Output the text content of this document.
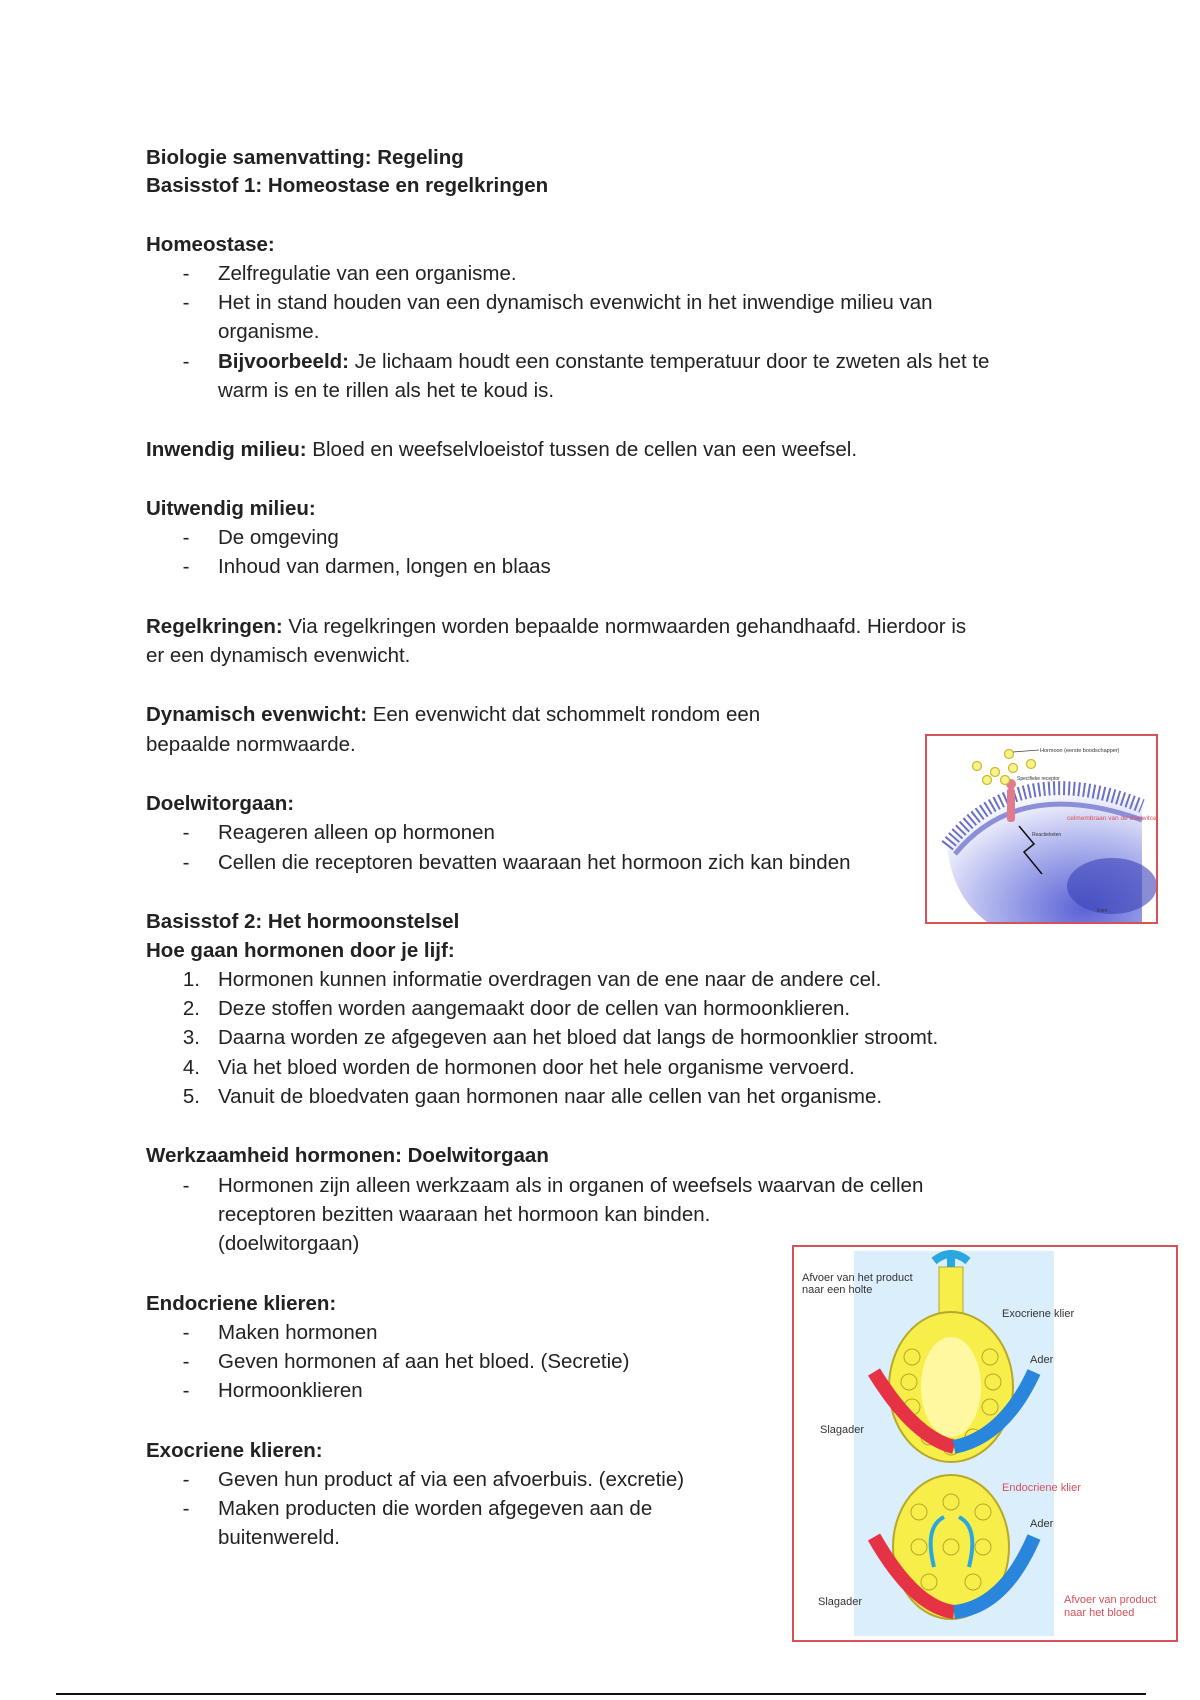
Biologie samenvatting: Regeling
Basisstof 1: Homeostase en regelkringen
Homeostase:
-	Zelfregulatie van een organisme.
-	Het in stand houden van een dynamisch evenwicht in het inwendige milieu van
organisme.
-	Bijvoorbeeld: Je lichaam houdt een constante temperatuur door te zweten als het te
warm is en te rillen als het te koud is.
Inwendig milieu: Bloed en weefselvloeistof tussen de cellen van een weefsel.
Uitwendig milieu:
-	De omgeving
-	Inhoud van darmen, longen en blaas
Regelkringen: Via regelkringen worden bepaalde normwaarden gehandhaafd. Hierdoor is
er een dynamisch evenwicht.
Dynamisch evenwicht: Een evenwicht dat schommelt rondom een
bepaalde normwaarde.
Doelwitorgaan:
-	Reageren alleen op hormonen
-	Cellen die receptoren bevatten waaraan het hormoon zich kan binden
Basisstof 2: Het hormoonstelsel
Hoe gaan hormonen door je lijf:
1. Hormonen kunnen informatie overdragen van de ene naar de andere cel.
2. Deze stoffen worden aangemaakt door de cellen van hormoonklieren.
3. Daarna worden ze afgegeven aan het bloed dat langs de hormoonklier stroomt.
4. Via het bloed worden de hormonen door het hele organisme vervoerd.
5. Vanuit de bloedvaten gaan hormonen naar alle cellen van het organisme.
Werkzaamheid hormonen: Doelwitorgaan
-	Hormonen zijn alleen werkzaam als in organen of weefsels waarvan de cellen
receptoren bezitten waaraan het hormoon kan binden.
(doelwitorgaan)
Endocriene klieren:
-	Maken hormonen
-	Geven hormonen af aan het bloed. (Secretie)
-	Hormoonklieren
Exocriene klieren:
-	Geven hun product af via een afvoerbuis. (excretie)
-	Maken producten die worden afgegeven aan de
buitenwereld.
Hormoon (eerste boodschapper)
Specifieke receptor
celmembraan van de doelwitcel
Reactieketen
Kern
Afvoer van het product
naar een holte
Exocriene klier
Ader
Slagader
Endocriene klier
Ader
Slagader	Afvoer van product
naar het bloed
